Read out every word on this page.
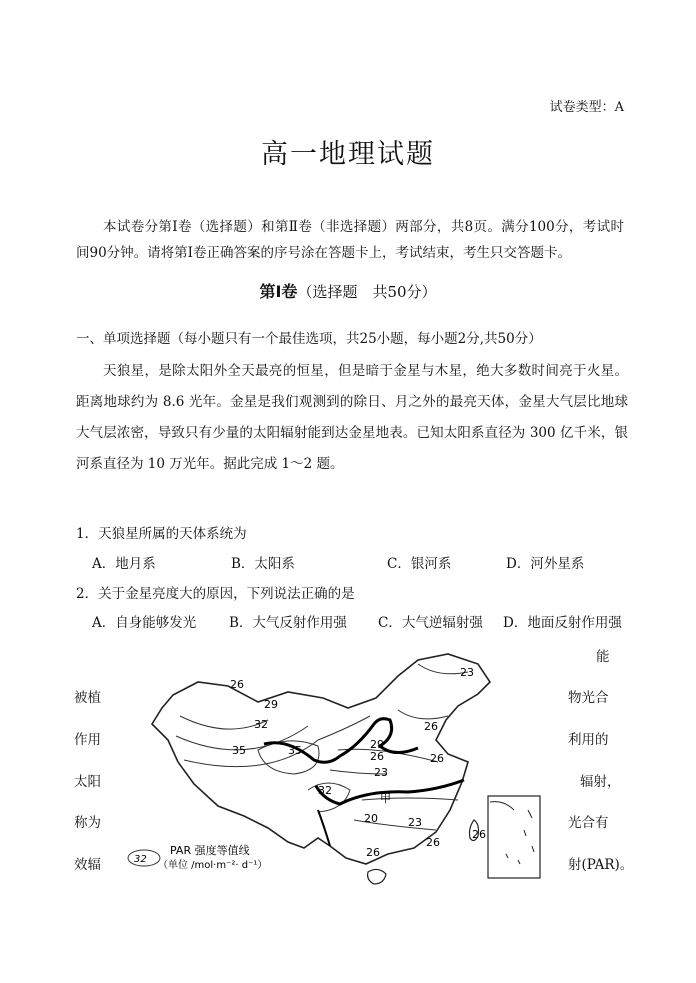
试卷类型：A
高一地理试题
本试卷分第Ⅰ卷（选择题）和第Ⅱ卷（非选择题）两部分，共8页。满分100分，考试时间90分钟。请将第Ⅰ卷正确答案的序号涂在答题卡上，考试结束，考生只交答题卡。
第Ⅰ卷（选择题　共50分）
一、单项选择题（每小题只有一个最佳选项，共25小题，每小题2分,共50分）
天狼星，是除太阳外全天最亮的恒星，但是暗于金星与木星，绝大多数时间亮于火星。距离地球约为 8.6 光年。金星是我们观测到的除日、月之外的最亮天体，金星大气层比地球大气层浓密，导致只有少量的太阳辐射能到达金星地表。已知太阳系直径为 300 亿千米，银河系直径为 10 万光年。据此完成 1～2 题。
1．天狼星所属的天体系统为
A．地月系	B．太阳系	C．银河系	D．河外星系
2．关于金星亮度大的原因，下列说法正确的是
A．自身能够发光 B．大气反射作用强 C．大气逆辐射强 D．地面反射作用强
能
被植	物光合
作用	利用的
太阳	辐射，
称为	光合有
效辐	射(PAR)。
23
26
29
32
35	35	29
26
26	26
23
32
甲
20	23
26
26
26
32
PAR 强度等值线
（单位 /mol·m⁻²· d⁻¹）
